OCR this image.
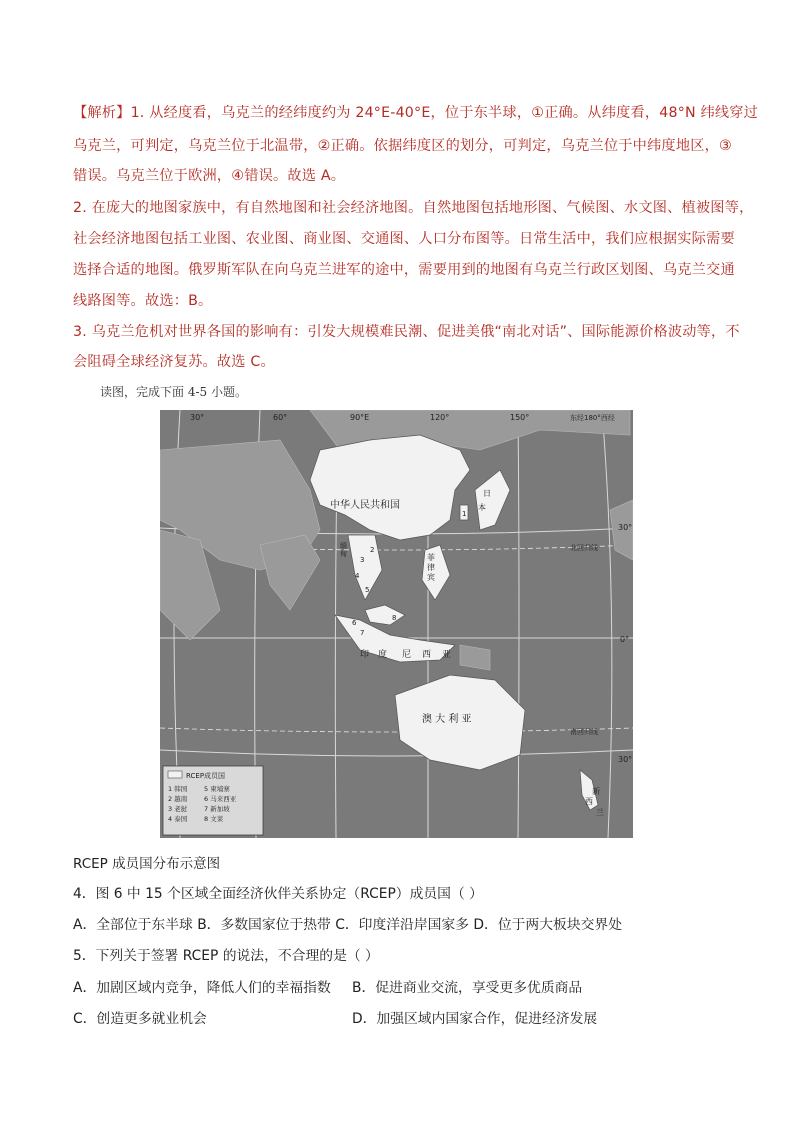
【解析】1. 从经度看，乌克兰的经纬度约为 24°E-40°E，位于东半球，①正确。从纬度看，48°N 纬线穿过
乌克兰，可判定，乌克兰位于北温带，②正确。依据纬度区的划分，可判定，乌克兰位于中纬度地区，③
错误。乌克兰位于欧洲，④错误。故选 A。
2. 在庞大的地图家族中，有自然地图和社会经济地图。自然地图包括地形图、气候图、水文图、植被图等，
社会经济地图包括工业图、农业图、商业图、交通图、人口分布图等。日常生活中，我们应根据实际需要
选择合适的地图。俄罗斯军队在向乌克兰进军的途中，需要用到的地图有乌克兰行政区划图、乌克兰交通
线路图等。故选：B。
3. 乌克兰危机对世界各国的影响有：引发大规模难民潮、促进美俄“南北对话”、国际能源价格波动等，不
会阻碍全球经济复苏。故选 C。
读图，完成下面 4-5 小题。
30°	60°	90°E	120°	150°	东经180°西经
30°
0°
30°
北回归线
南回归线
中华人民共和国
日
本
菲
律
宾
缅
甸
印 度 尼 西 亚
澳 大 利 亚
新
西
兰
1
2
3
4
5
6
7
8
RCEP成员国
1 韩国
2 越南
3 老挝
4 泰国
5 柬埔寨
6 马来西亚
7 新加坡
8 文莱
RCEP 成员国分布示意图
4．图 6 中 15 个区域全面经济伙伴关系协定（RCEP）成员国（ ）
A．全部位于东半球 B．多数国家位于热带 C．印度洋沿岸国家多 D．位于两大板块交界处
5．下列关于签署 RCEP 的说法，不合理的是（ ）
A．加剧区域内竞争，降低人们的幸福指数 B．促进商业交流，享受更多优质商品
C．创造更多就业机会	D．加强区域内国家合作，促进经济发展
